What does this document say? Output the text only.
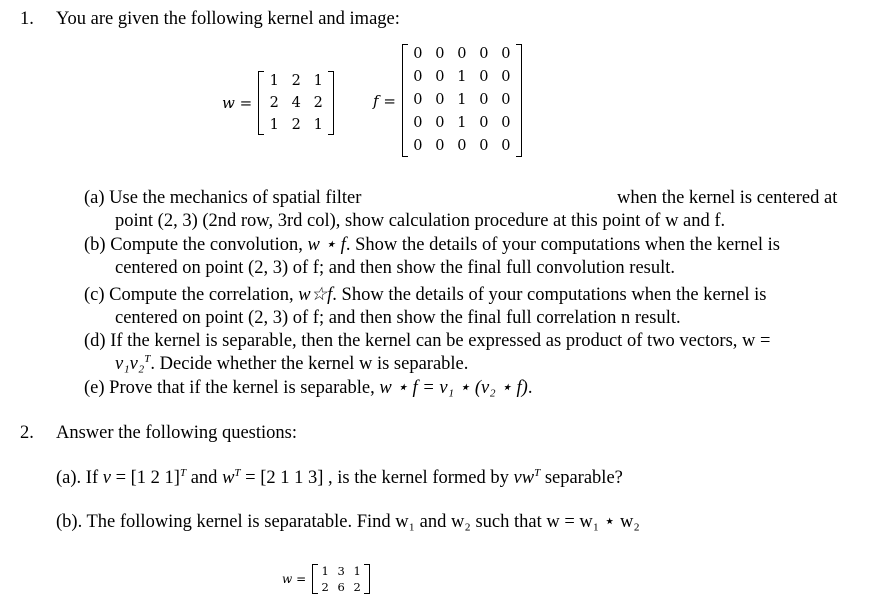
1. You are given the following kernel and image:
w =
1 2 1
2 4 2
1 2 1
f =
0 0 0 0 0
0 0 1 0 0
0 0 1 0 0
0 0 1 0 0
0 0 0 0 0
(a) Use the mechanics of spatial filter	when the kernel is centered at
point (2, 3) (2nd row, 3rd col), show calculation procedure at this point of w and f.
(b) Compute the convolution, w ⋆ f. Show the details of your computations when the kernel is
centered on point (2, 3) of f; and then show the final full convolution result.
(c) Compute the correlation, w☆f. Show the details of your computations when the kernel is
centered on point (2, 3) of f; and then show the final full correlation n result.
(d) If the kernel is separable, then the kernel can be expressed as product of two vectors, w =
v₁v₂$^T$. Decide whether the kernel w is separable.
(e) Prove that if the kernel is separable, w ⋆ f = v₁ ⋆ (v₂ ⋆ f).
2. Answer the following questions:
(a). If v = [1 2 1]$^T$ and $w^T = [2$ 1 1 3] , is the kernel formed by $vw^T$ separable?
(b). The following kernel is separatable. Find w₁ and w₂ such that w = w₁ ⋆ w₂
w =
1 3 1
2 6 2
